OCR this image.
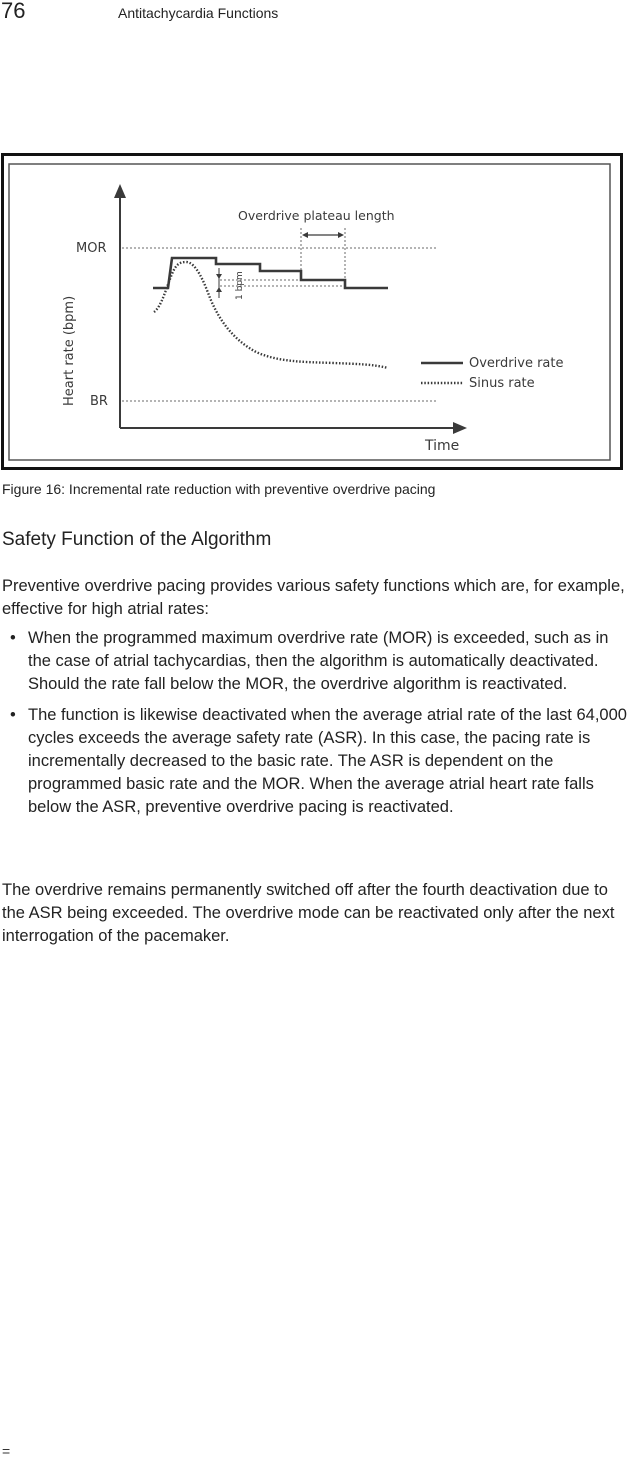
76	Antitachycardia Functions
MOR
BR
Heart rate (bpm)
Time
Overdrive plateau length
1 bpm
Overdrive rate
Sinus rate
Figure 16: Incremental rate reduction with preventive overdrive pacing
Safety Function of the Algorithm

Preventive overdrive pacing provides various safety functions which are, for example, effective for high atrial rates:

• When the programmed maximum overdrive rate (MOR) is exceeded, such as in the case of atrial tachycardias, then the algorithm is automatically deactivated. Should the rate fall below the MOR, the overdrive algorithm is reactivated.
• The function is likewise deactivated when the average atrial rate of the last 64,000 cycles exceeds the average safety rate (ASR). In this case, the pacing rate is incrementally decreased to the basic rate. The ASR is dependent on the programmed basic rate and the MOR. When the average atrial heart rate falls below the ASR, preventive overdrive pacing is reactivated.

The overdrive remains permanently switched off after the fourth deactivation due to the ASR being exceeded. The overdrive mode can be reactivated only after the next interrogation of the pacemaker.

=
